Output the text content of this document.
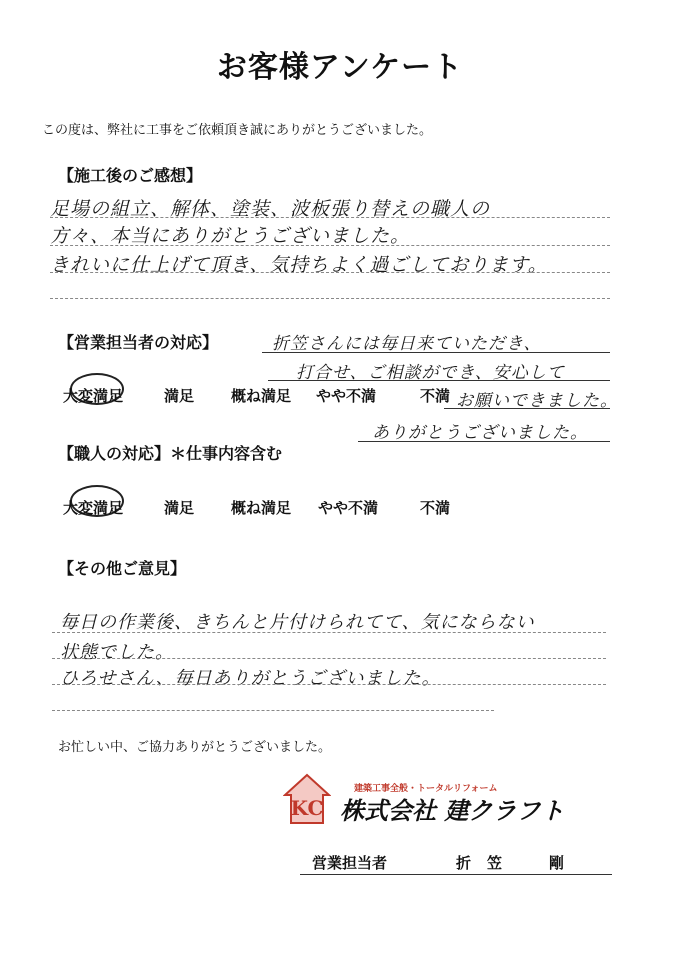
お客様アンケート
この度は、弊社に工事をご依頼頂き誠にありがとうございました。
【施工後のご感想】
足場の組立、解体、塗装、波板張り替えの職人の
方々、本当にありがとうございました。
きれいに仕上げて頂き、気持ちよく過ごしております。
【営業担当者の対応】	折笠さんには毎日来ていただき、
打合せ、ご相談ができ、安心して
お願いできました。
ありがとうございました。
大変満足	満足 概ね満足 やや不満	不満
【職人の対応】＊仕事内容含む
大変満足	満足 概ね満足 やや不満	不満
【その他ご意見】
毎日の作業後、きちんと片付けられてて、気にならない
状態でした。
ひろせさん、毎日ありがとうございました。
お忙しい中、ご協力ありがとうございました。
KC
建築工事全般・トータルリフォーム
株式会社 建クラフト
営業担当者	折笠　剛
